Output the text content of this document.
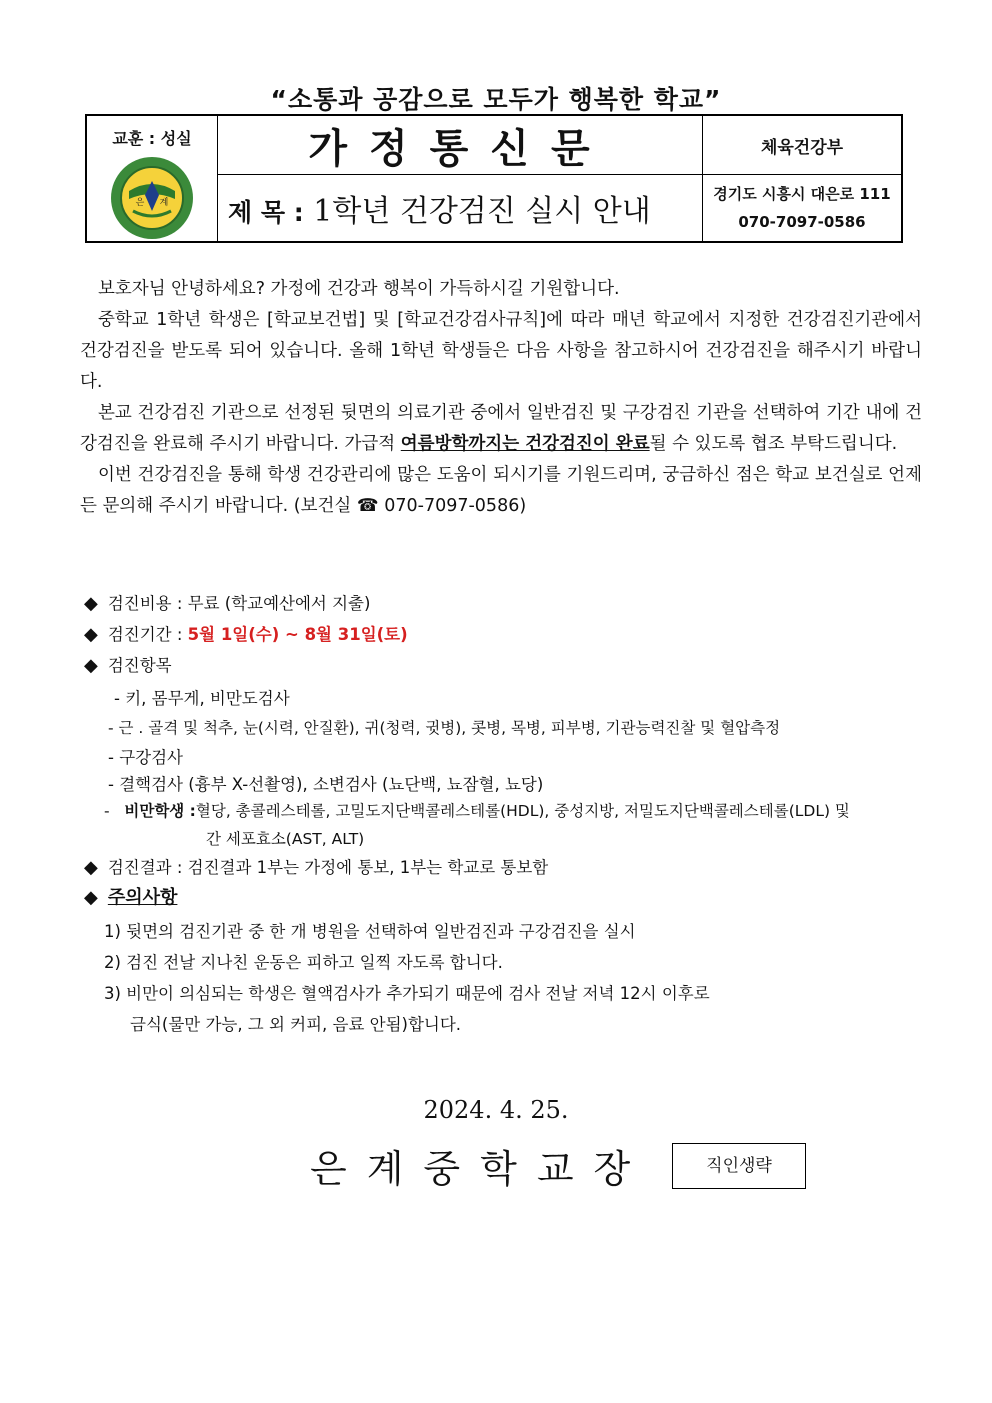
“소통과 공감으로 모두가 행복한 학교”
교훈 : 성실
은 계	가정통신문	체육건강부
	제 목 : 1학년 건강검진 실시 안내	경기도 시흥시 대은로 111
070-7097-0586

보호자님 안녕하세요? 가정에 건강과 행복이 가득하시길 기원합니다.

중학교 1학년 학생은 [학교보건법] 및 [학교건강검사규칙]에 따라 매년 학교에서 지정한 건강검진기관에서 건강검진을 받도록 되어 있습니다. 올해 1학년 학생들은 다음 사항을 참고하시어 건강검진을 해주시기 바랍니다.

본교 건강검진 기관으로 선정된 뒷면의 의료기관 중에서 일반검진 및 구강검진 기관을 선택하여 기간 내에 건강검진을 완료해 주시기 바랍니다. 가급적 여름방학까지는 건강검진이 완료될 수 있도록 협조 부탁드립니다.

이번 건강검진을 통해 학생 건강관리에 많은 도움이 되시기를 기원드리며, 궁금하신 점은 학교 보건실로 언제든 문의해 주시기 바랍니다. (보건실 ☎ 070-7097-0586)

◆ 검진비용 : 무료 (학교예산에서 지출)
◆ 검진기간 : 5월 1일(수) ~ 8월 31일(토)
◆ 검진항목
- 키, 몸무게, 비만도검사
- 근 . 골격 및 척추, 눈(시력, 안질환), 귀(청력, 귓병), 콧병, 목병, 피부병, 기관능력진찰 및 혈압측정
- 구강검사
- 결핵검사 (흉부 X-선촬영), 소변검사 (뇨단백, 뇨잠혈, 뇨당)
- 비만학생 :혈당, 총콜레스테롤, 고밀도지단백콜레스테롤(HDL), 중성지방, 저밀도지단백콜레스테롤(LDL) 및
간 세포효소(AST, ALT)
◆ 검진결과 : 검진결과 1부는 가정에 통보, 1부는 학교로 통보함
◆ 주의사항
1) 뒷면의 검진기관 중 한 개 병원을 선택하여 일반검진과 구강검진을 실시
2) 검진 전날 지나친 운동은 피하고 일찍 자도록 합니다.
3) 비만이 의심되는 학생은 혈액검사가 추가되기 때문에 검사 전날 저녁 12시 이후로
금식(물만 가능, 그 외 커피, 음료 안됨)합니다.
2024. 4. 25.
은계중학교장	직인생략
